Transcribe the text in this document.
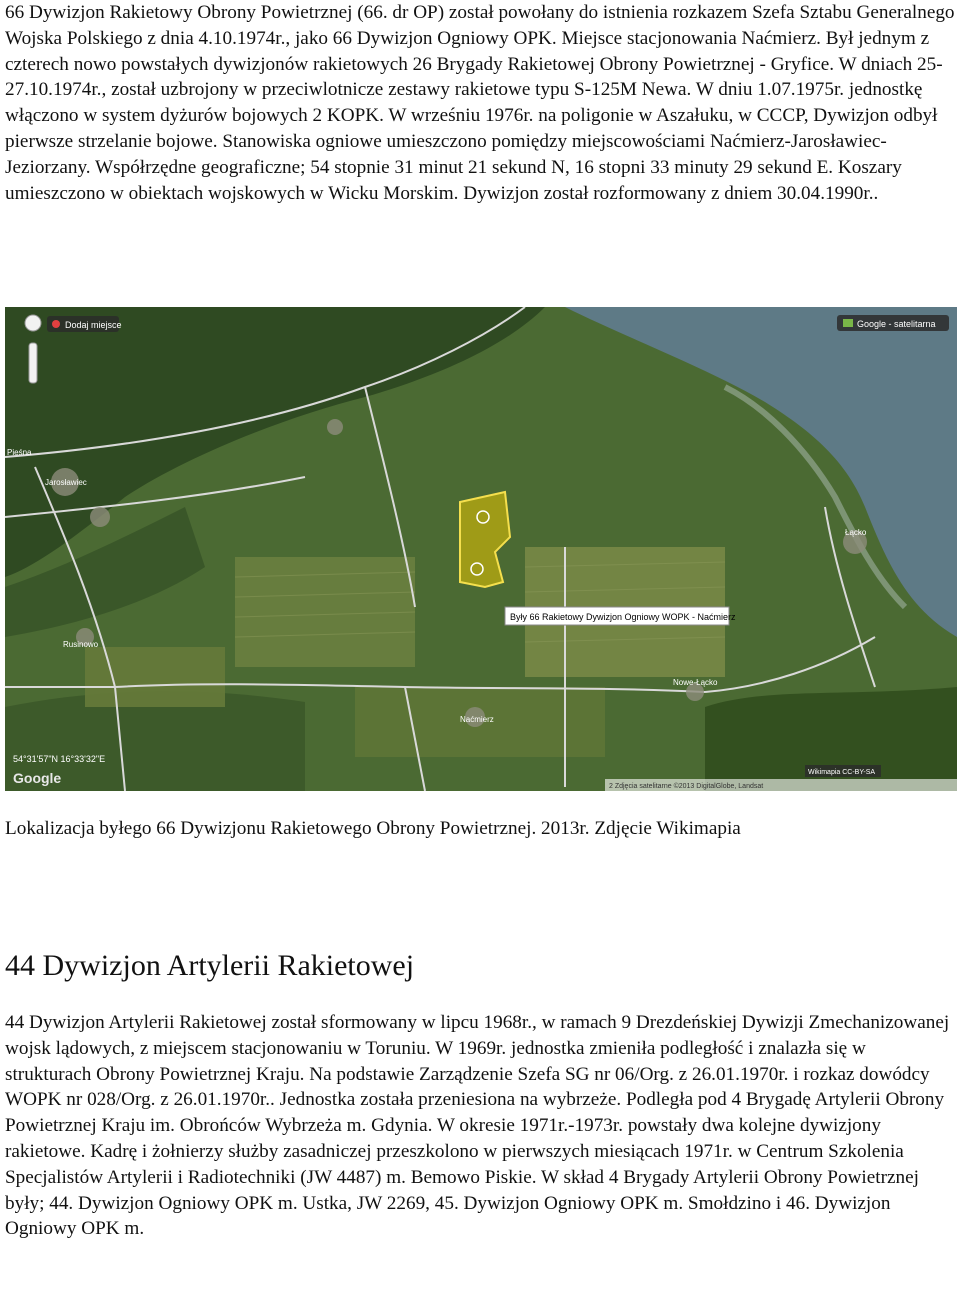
66 Dywizjon Rakietowy Obrony Powietrznej (66. dr OP) został powołany do istnienia rozkazem Szefa Sztabu Generalnego Wojska Polskiego z dnia 4.10.1974r., jako 66 Dywizjon Ogniowy OPK. Miejsce stacjonowania Naćmierz. Był jednym z czterech nowo powstałych dywizjonów rakietowych 26 Brygady Rakietowej Obrony Powietrznej - Gryfice. W dniach 25-27.10.1974r., został uzbrojony w przeciwlotnicze zestawy rakietowe typu S-125M Newa. W dniu 1.07.1975r. jednostkę włączono w system dyżurów bojowych 2 KOPK. W wrześniu 1976r. na poligonie w Aszałuku, w CCCP, Dywizjon odbył pierwsze strzelanie bojowe. Stanowiska ogniowe umieszczono pomiędzy miejscowościami Naćmierz-Jarosławiec-Jeziorzany. Współrzędne geograficzne; 54 stopnie 31 minut 21 sekund N, 16 stopni 33 minuty 29 sekund E. Koszary umieszczono w obiektach wojskowych w Wicku Morskim. Dywizjon został rozformowany z dniem 30.04.1990r..

Dodaj miejsce	Google - satelitarna
Były 66 Rakietowy Dywizjon Ogniowy WOPK - Naćmierz
Pieśna
Jarosławiec
Rusinowo
Naćmierz
Nowe-Łącko
Łącko
54°31'57"N 16°33'32"E
Google	Wikimapia CC-BY-SA
2 Zdjęcia satelitarne ©2013 DigitalGlobe, Landsat

Lokalizacja byłego 66 Dywizjonu Rakietowego Obrony Powietrznej. 2013r. Zdjęcie Wikimapia

44 Dywizjon Artylerii Rakietowej

44 Dywizjon Artylerii Rakietowej został sformowany w lipcu 1968r., w ramach 9 Drezdeńskiej Dywizji Zmechanizowanej wojsk lądowych, z miejscem stacjonowaniu w Toruniu. W 1969r. jednostka zmieniła podległość i znalazła się w strukturach Obrony Powietrznej Kraju. Na podstawie Zarządzenie Szefa SG nr 06/Org. z 26.01.1970r. i rozkaz dowódcy WOPK nr 028/Org. z 26.01.1970r.. Jednostka została przeniesiona na wybrzeże. Podległa pod 4 Brygadę Artylerii Obrony Powietrznej Kraju im. Obrońców Wybrzeża m. Gdynia. W okresie 1971r.-1973r. powstały dwa kolejne dywizjony rakietowe. Kadrę i żołnierzy służby zasadniczej przeszkolono w pierwszych miesiącach 1971r. w Centrum Szkolenia Specjalistów Artylerii i Radiotechniki (JW 4487) m. Bemowo Piskie. W skład 4 Brygady Artylerii Obrony Powietrznej były; 44. Dywizjon Ogniowy OPK m. Ustka, JW 2269, 45. Dywizjon Ogniowy OPK m. Smołdzino i 46. Dywizjon Ogniowy OPK m.
